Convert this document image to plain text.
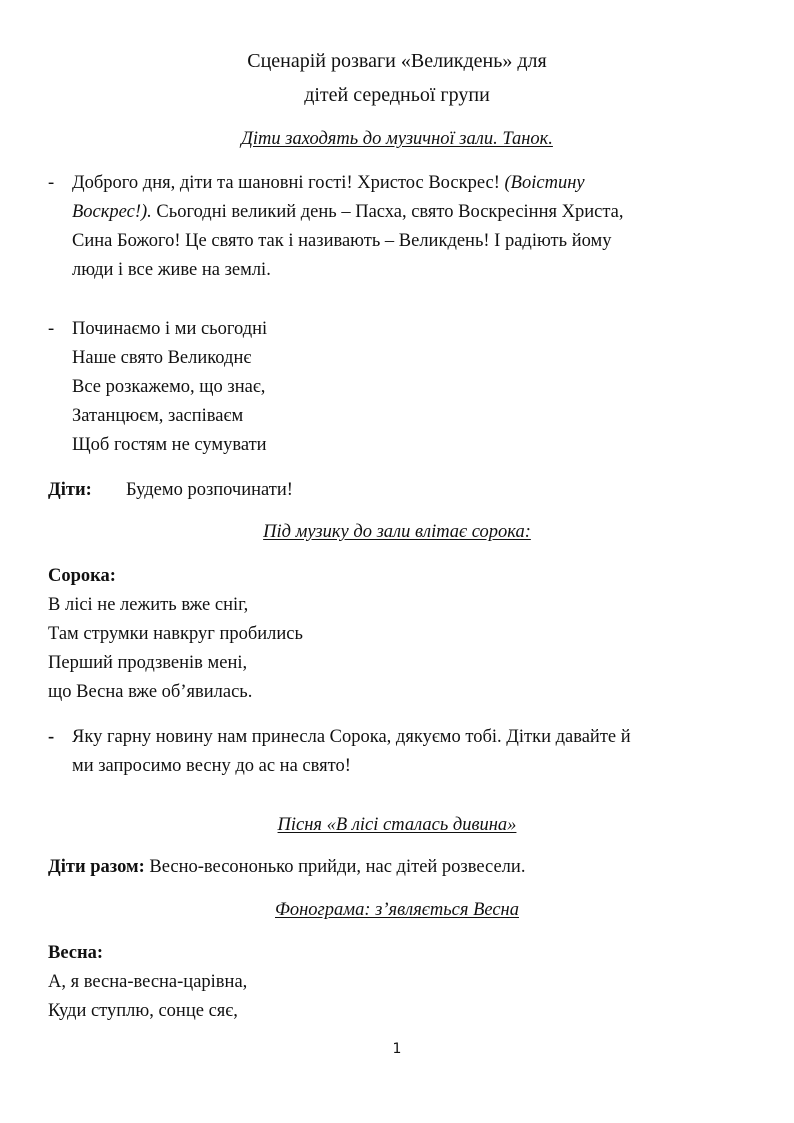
Сценарій розваги «Великдень» для
дітей середньої групи
Діти заходять до музичної зали. Танок.
- Доброго дня, діти та шановні гості! Христос Воскрес! (Воістину
Воскрес!). Сьогодні великий день – Пасха, свято Воскресіння Христа,
Сина Божого! Це свято так і називають – Великдень! І радіють йому
люди і все живе на землі.
- Починаємо і ми сьогодні
Наше свято Великоднє
Все розкажемо, що знає,
Затанцюєм, заспіваєм
Щоб гостям не сумувати
Діти: Будемо розпочинати!
Під музику до зали влітає сорока:
Сорока:
В лісі не лежить вже сніг,
Там струмки навкруг пробились
Перший продзвенів мені,
що Весна вже об’явилась.
- Яку гарну новину нам принесла Сорока, дякуємо тобі. Дітки давайте й
ми запросимо весну до ас на свято!
Пісня «В лісі сталась дивина»
Діти разом: Весно-весононько прийди, нас дітей розвесели.
Фонограма: з’являється Весна
Весна:
А, я весна-весна-царівна,
Куди ступлю, сонце сяє,
1
